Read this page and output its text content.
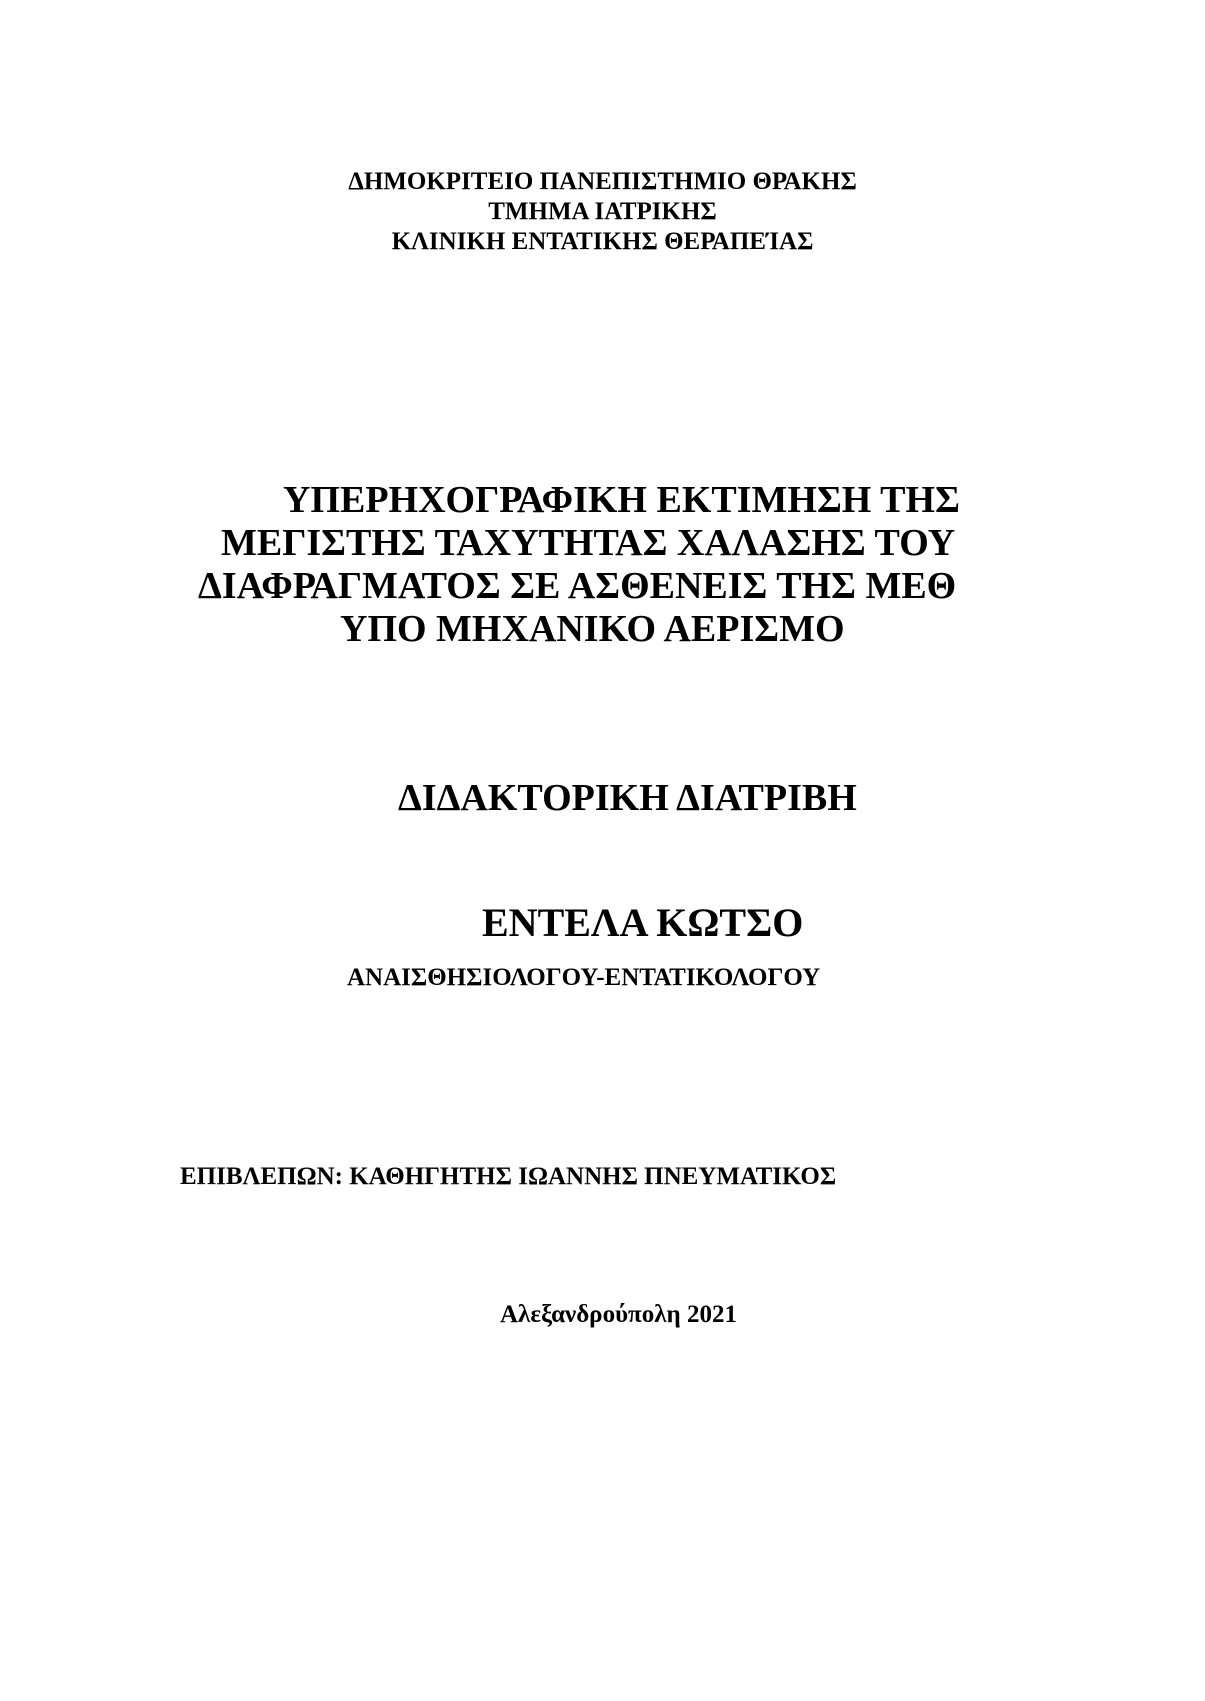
ΔΗΜΟΚΡΙΤΕΙΟ ΠΑΝΕΠΙΣΤΗΜΙΟ ΘΡΑΚΗΣ

ΤΜΗΜΑ ΙΑΤΡΙΚΗΣ

ΚΛΙΝΙΚΗ ΕΝΤΑΤΙΚΗΣ ΘΕΡΑΠΕΊΑΣ

ΥΠΕΡΗΧΟΓΡΑΦΙΚΗ ΕΚΤΙΜΗΣΗ ΤΗΣ

ΜΕΓΙΣΤΗΣ ΤΑΧΥΤΗΤΑΣ ΧΑΛΑΣΗΣ ΤΟΥ

ΔΙΑΦΡΑΓΜΑΤΟΣ ΣΕ ΑΣΘΕΝΕΙΣ ΤΗΣ ΜΕΘ

ΥΠΟ ΜΗΧΑΝΙΚΟ ΑΕΡΙΣΜΟ

ΔΙΔΑΚΤΟΡΙΚΗ ΔΙΑΤΡΙΒΗ

ΕΝΤΕΛΑ ΚΩΤΣΟ

ΑΝΑΙΣΘΗΣΙΟΛΟΓΟΥ-ΕΝΤΑΤΙΚΟΛΟΓΟΥ

ΕΠΙΒΛΕΠΩΝ: ΚΑΘΗΓΗΤΗΣ ΙΩΑΝΝΗΣ ΠΝΕΥΜΑΤΙΚΟΣ

Αλεξανδρούπολη 2021
